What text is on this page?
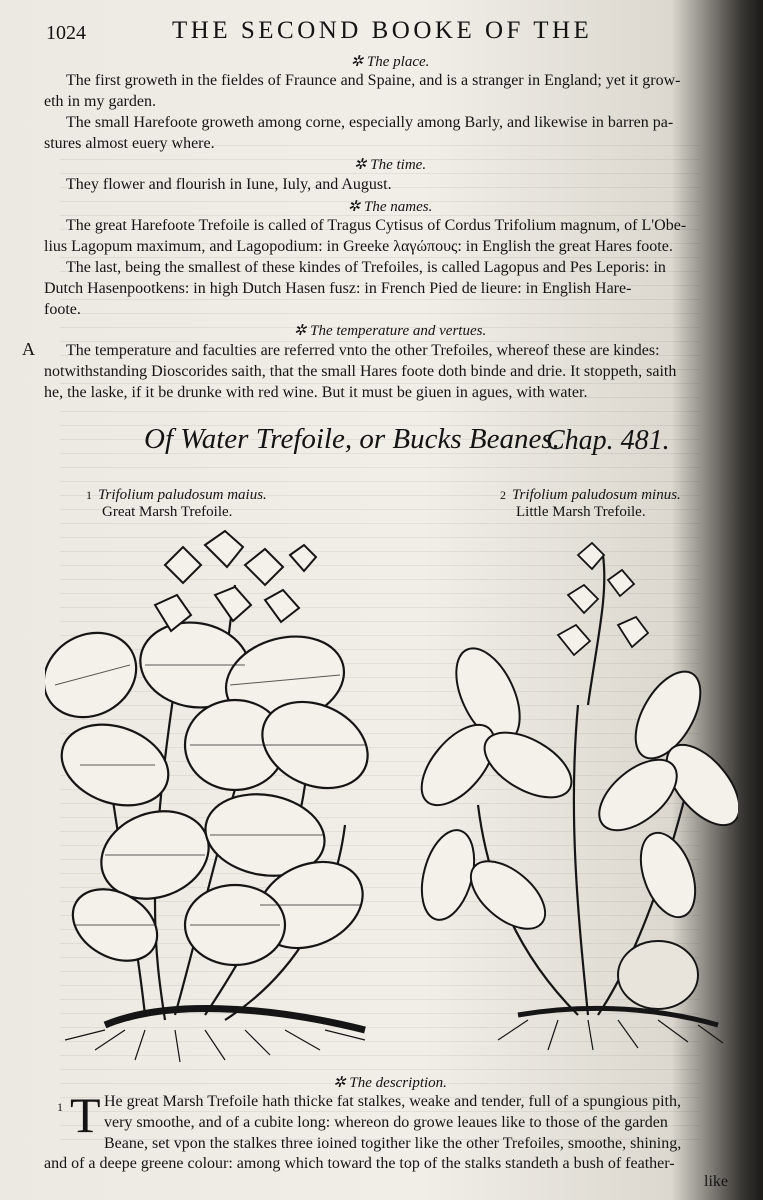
1024	THE SECOND BOOKE OF THE
✲ The place.
The first groweth in the fieldes of Fraunce and Spaine, and is a stranger in England; yet it grow-
eth in my garden.
The small Harefoote groweth among corne, especially among Barly, and likewise in barren pa-
stures almost euery where.
✲ The time.
They flower and flourish in Iune, Iuly, and August.
✲ The names.
The great Harefoote Trefoile is called of Tragus Cytisus of Cordus Trifolium magnum, of L'Obe-
lius Lagopum maximum, and Lagopodium: in Greeke λαγώπους: in English the great Hares foote.
The last, being the smallest of these kindes of Trefoiles, is called Lagopus and Pes Leporis: in
Dutch Hasenpootkens: in high Dutch Hasen fusz: in French Pied de lieure: in English Hare-
foote.
✲ The temperature and vertues.
A The temperature and faculties are referred vnto the other Trefoiles, whereof these are kindes:
notwithstanding Dioscorides saith, that the small Hares foote doth binde and drie. It stoppeth, saith
he, the laske, if it be drunke with red wine. But it must be giuen in agues, with water.
Of Water Trefoile, or Bucks Beanes.
Chap. 481.
1 Trifolium paludosum maius.
Great Marsh Trefoile.
2 Trifolium paludosum minus.
Little Marsh Trefoile.
✲ The description.
1 T He great Marsh Trefoile hath thicke fat stalkes, weake and tender, full of a spungious pith,
very smoothe, and of a cubite long: whereon do growe leaues like to those of the garden
Beane, set vpon the stalkes three ioined togither like the other Trefoiles, smoothe, shining,
and of a deepe greene colour: among which toward the top of the stalks standeth a bush of feather-
like
